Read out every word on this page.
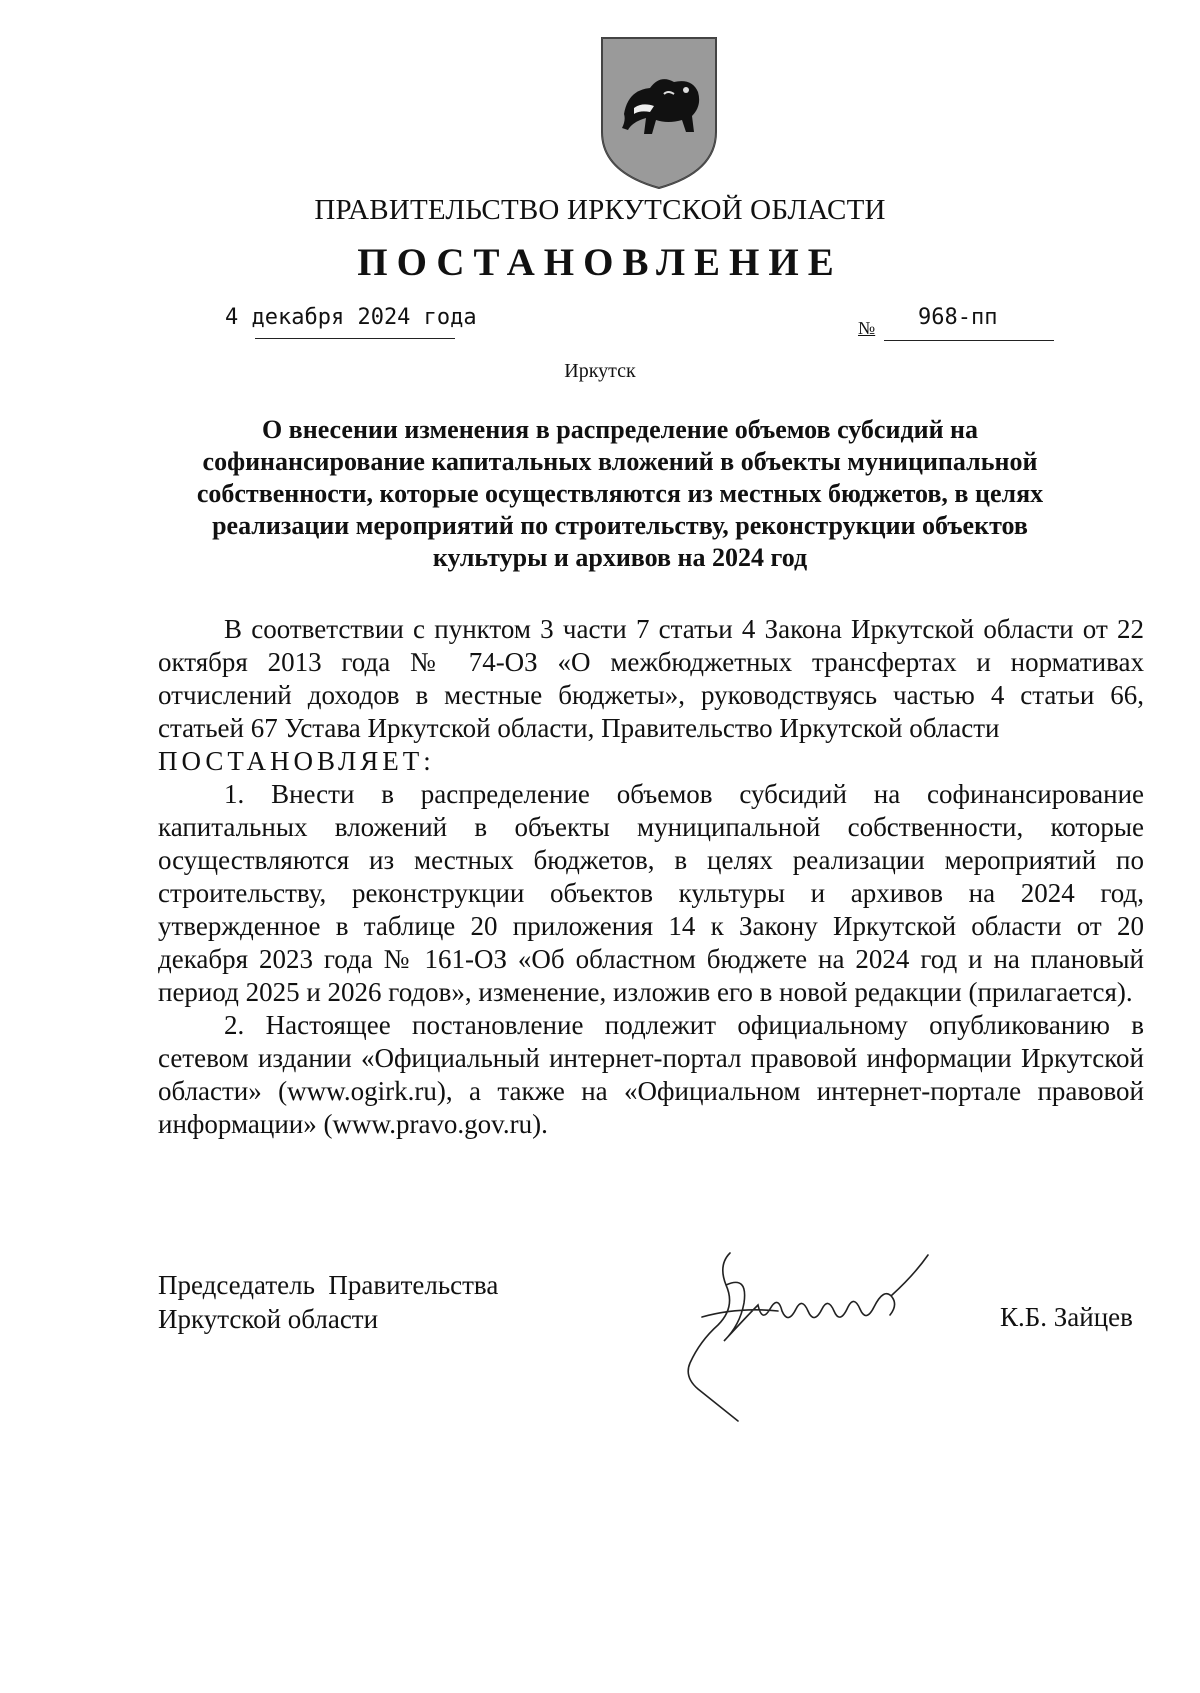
ПРАВИТЕЛЬСТВО ИРКУТСКОЙ ОБЛАСТИ
ПОСТАНОВЛЕНИЕ
4 декабря 2024 года	№ 968-пп
Иркутск
О внесении изменения в распределение объемов субсидий на
софинансирование капитальных вложений в объекты муниципальной
собственности, которые осуществляются из местных бюджетов, в целях
реализации мероприятий по строительству, реконструкции объектов
культуры и архивов на 2024 год

В соответствии с пунктом 3 части 7 статьи 4 Закона Иркутской области от 22 октября 2013 года № 74-ОЗ «О межбюджетных трансфертах и нормативах отчислений доходов в местные бюджеты», руководствуясь частью 4 статьи 66, статьей 67 Устава Иркутской области, Правительство Иркутской области

ПОСТАНОВЛЯЕТ:

1. Внести в распределение объемов субсидий на софинансирование капитальных вложений в объекты муниципальной собственности, которые осуществляются из местных бюджетов, в целях реализации мероприятий по строительству, реконструкции объектов культуры и архивов на 2024 год, утвержденное в таблице 20 приложения 14 к Закону Иркутской области от 20 декабря 2023 года № 161-ОЗ «Об областном бюджете на 2024 год и на плановый период 2025 и 2026 годов», изменение, изложив его в новой редакции (прилагается).

2. Настоящее постановление подлежит официальному опубликованию в сетевом издании «Официальный интернет-портал правовой информации Иркутской области» (www.ogirk.ru), а также на «Официальном интернет-портале правовой информации» (www.pravo.gov.ru).

Председатель  Правительства
Иркутской области	К.Б. Зайцев
